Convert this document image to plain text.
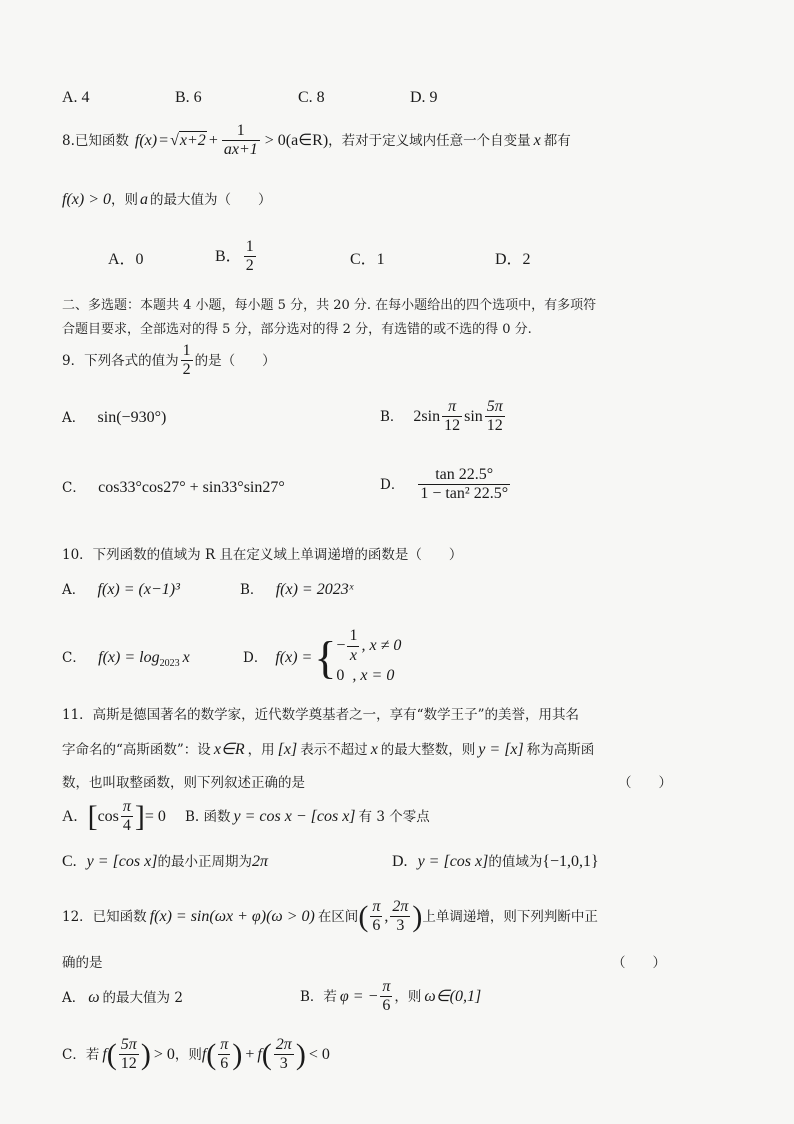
A. 4	B. 6	C. 8	D. 9
8.已知函数 $f(x) = √x+2 + \frac{1}{ax+1}$ > 0(a∈R) ，若对于定义域内任意一个自变量 x 都有
f(x) > 0，则 a 的最大值为（　　）
A．0	B． $\frac{1}{2}$	C．1	D．2
二、多选题：本题共 4 小题，每小题 5 分，共 20 分. 在每小题给出的四个选项中，有多项符
合题目要求，全部选对的得 5 分，部分选对的得 2 分，有选错的或不选的得 0 分.
9．下列各式的值为 $\frac{1}{2}$ 的是（　　）
A． sin(−930°)	B． $2\sin \frac{\pi}{12}$ $\sin \frac{5\pi}{12}$
C． cos33°cos27° + sin33°sin27°	D． $\frac{\tan 22.5^\circ}{\text{1 − tan² 22.5°}}$
10．下列函数的值域为 R 且在定义域上单调递增的函数是（　　）
A． f(x) = (x−1)³	B． f(x) = 2023ˣ
C． $f(x) = \log_{2023} x$	D． f(x) = { − $\frac{1}{x}$ , x ≠ 0
0 , x = 0
11．高斯是德国著名的数学家，近代数学奠基者之一，享有“数学王子”的美誉，用其名
字命名的“高斯函数”：设 x∈R ，用 [x] 表示不超过 x 的最大整数，则 y = [x] 称为高斯函
数，也叫取整函数，则下列叙述正确的是	（　　）
A. [ $\cos \frac{\pi}{4}$ ] = 0 B. 函数 y = cos x − [cos x] 有 3 个零点
C. y = [cos x]的最小正周期为2π	D. y = [cos x]的值域为{−1,0,1}
12．已知函数 f(x) = sin(ωx + φ)(ω > 0) 在区间 ( $\frac{\pi}{6}$ , $\frac{2\pi}{3}$ ) 上单调递增，则下列判断中正
确的是	（　　）
A． ω 的最大值为 2	B．若 φ = − $\frac{\pi}{6}$ ，则 ω∈(0,1]
C．若 f ( $\frac{5\pi}{12}$ ) > 0 ，则 f ( $\frac{\pi}{6}$ ) + f ( $\frac{2\pi}{3}$ ) < 0
